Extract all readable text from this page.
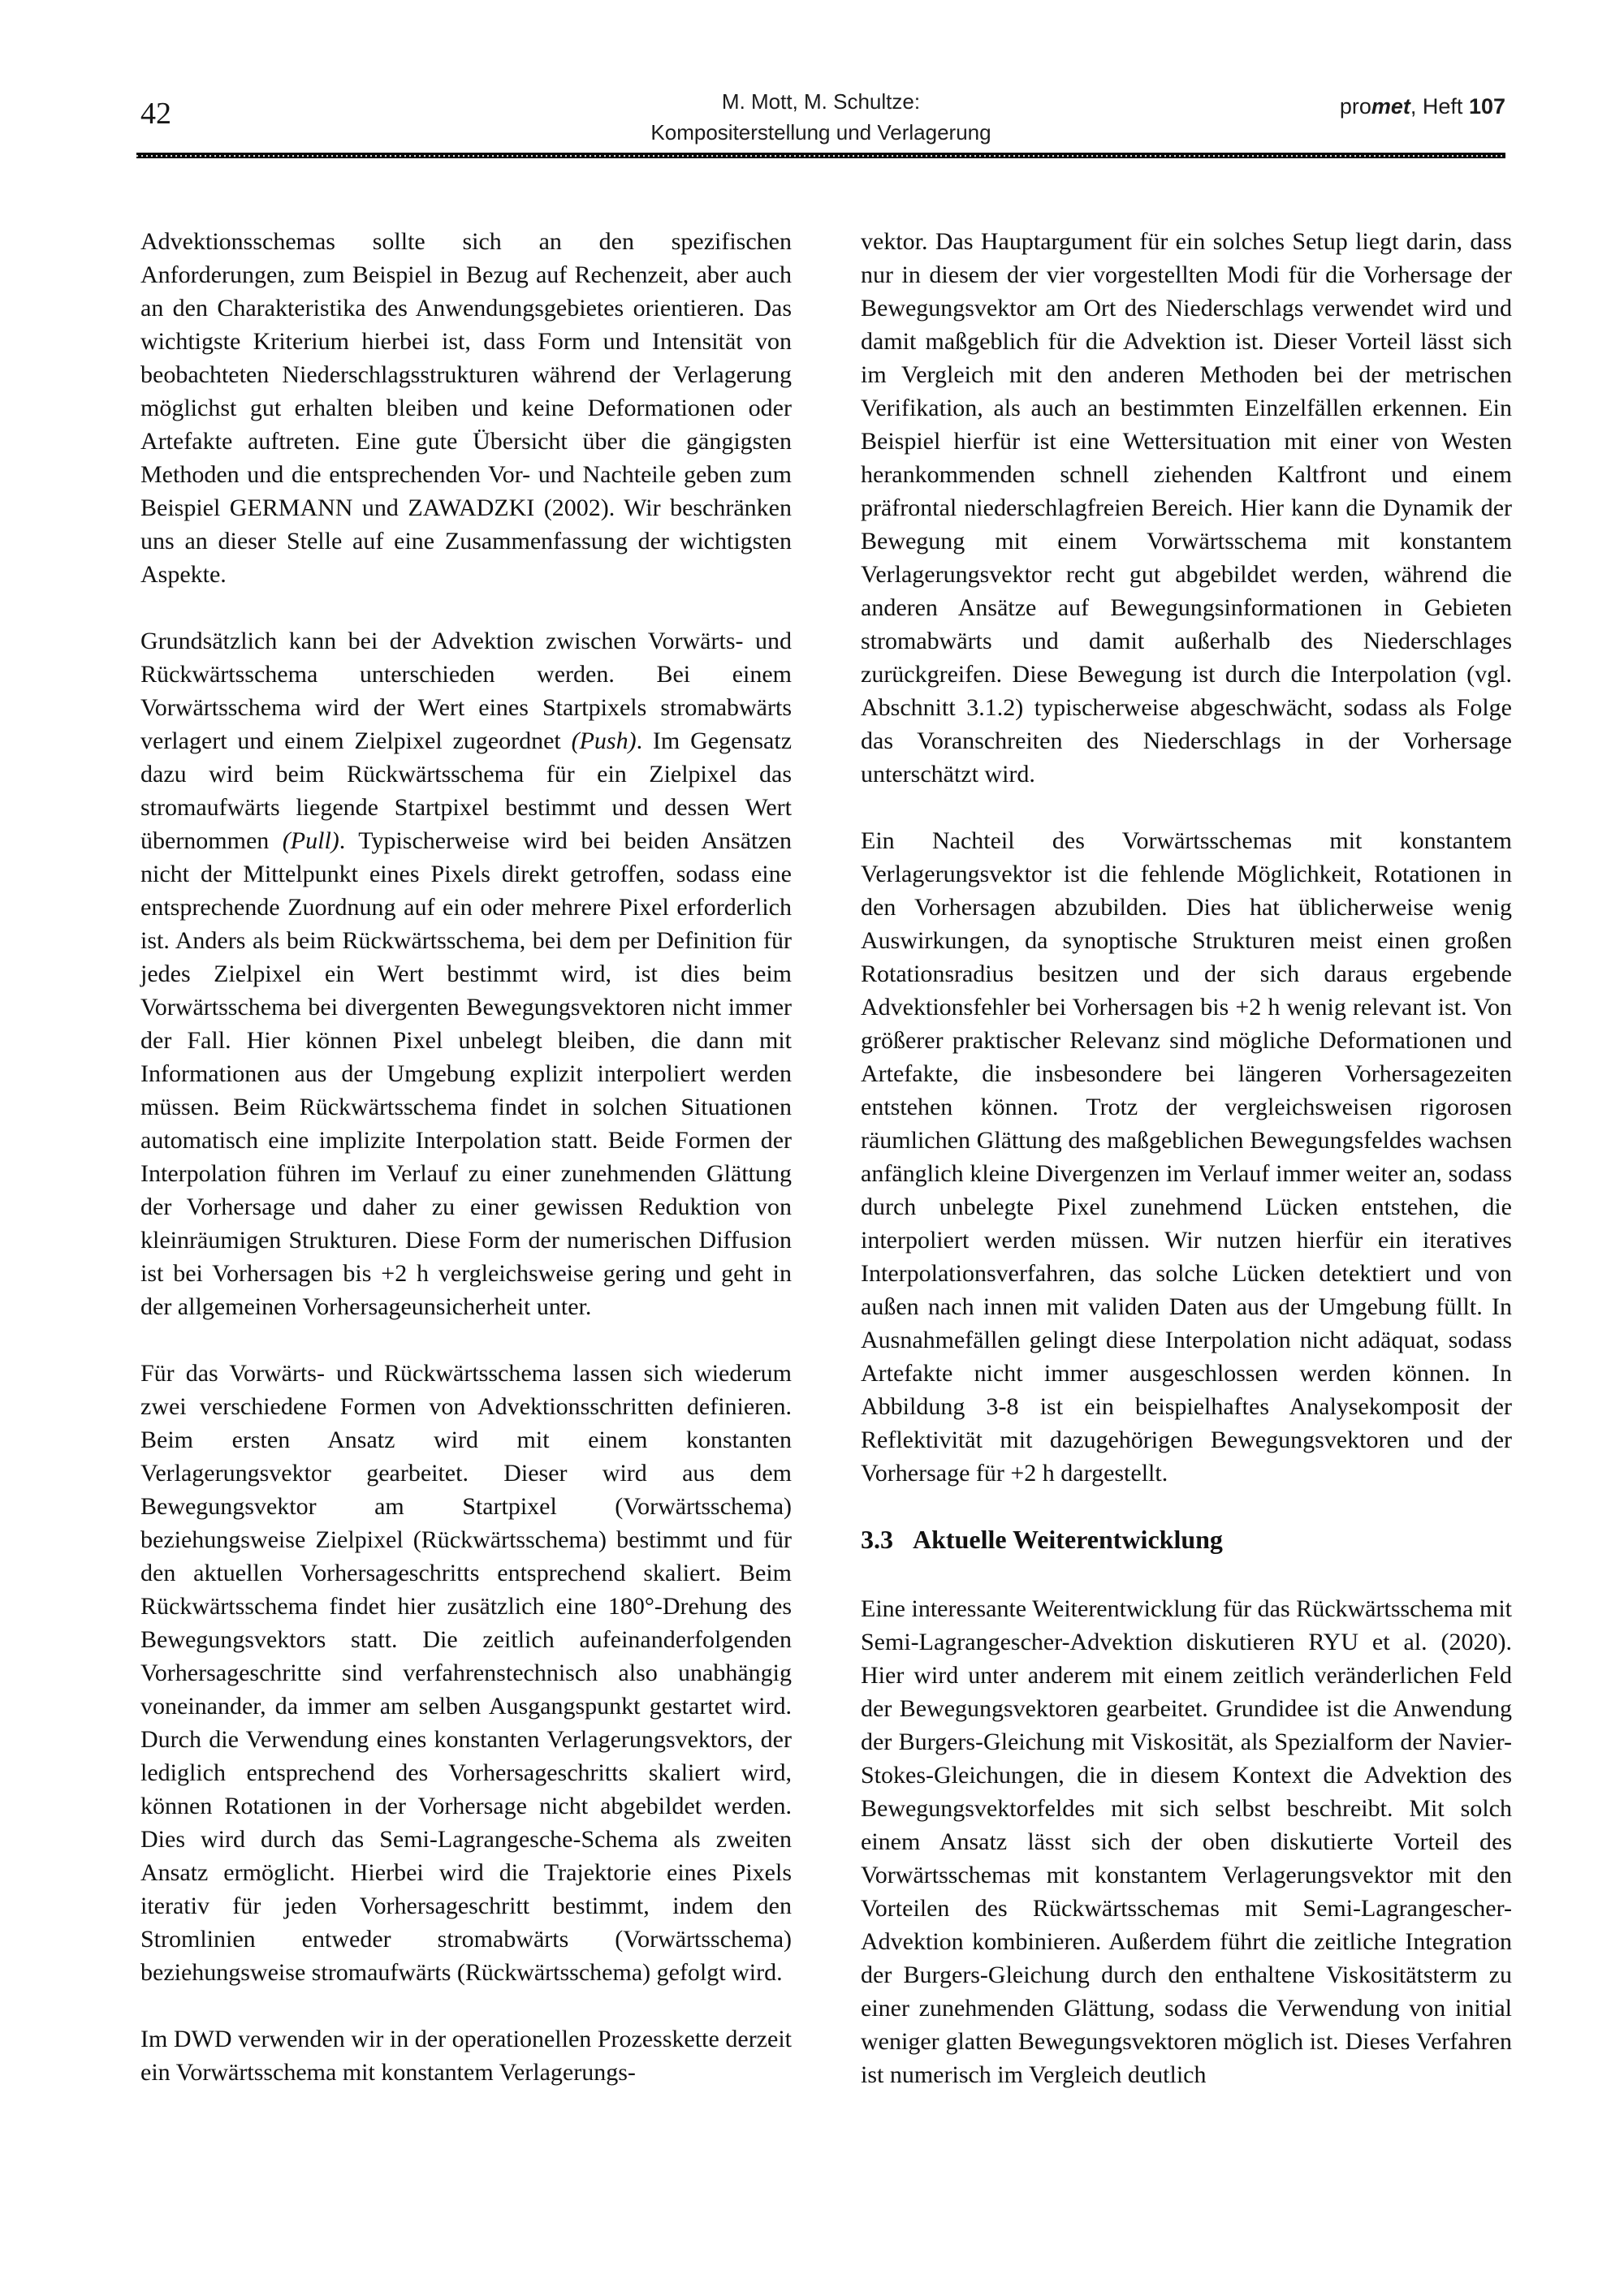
42	M. Mott, M. Schultze:
Kompositerstellung und Verlagerung
promet, Heft 107

Advektionsschemas sollte sich an den spezifischen Anforderungen, zum Beispiel in Bezug auf Rechenzeit, aber auch an den Charakteristika des Anwendungsgebietes orientieren. Das wichtigste Kriterium hierbei ist, dass Form und Intensität von beobachteten Niederschlagsstrukturen während der Verlagerung möglichst gut erhalten bleiben und keine Deformationen oder Artefakte auftreten. Eine gute Übersicht über die gängigsten Methoden und die entsprechenden Vor- und Nachteile geben zum Beispiel GERMANN und ZAWADZKI (2002). Wir beschränken uns an dieser Stelle auf eine Zusammenfassung der wichtigsten Aspekte.

Grundsätzlich kann bei der Advektion zwischen Vorwärts- und Rückwärtsschema unterschieden werden. Bei einem Vorwärtsschema wird der Wert eines Startpixels stromabwärts verlagert und einem Zielpixel zugeordnet (Push). Im Gegensatz dazu wird beim Rückwärtsschema für ein Zielpixel das stromaufwärts liegende Startpixel bestimmt und dessen Wert übernommen (Pull). Typischerweise wird bei beiden Ansätzen nicht der Mittelpunkt eines Pixels direkt getroffen, sodass eine entsprechende Zuordnung auf ein oder mehrere Pixel erforderlich ist. Anders als beim Rückwärtsschema, bei dem per Definition für jedes Zielpixel ein Wert bestimmt wird, ist dies beim Vorwärtsschema bei divergenten Bewegungsvektoren nicht immer der Fall. Hier können Pixel unbelegt bleiben, die dann mit Informationen aus der Umgebung explizit interpoliert werden müssen. Beim Rückwärtsschema findet in solchen Situationen automatisch eine implizite Interpolation statt. Beide Formen der Interpolation führen im Verlauf zu einer zunehmenden Glättung der Vorhersage und daher zu einer gewissen Reduktion von kleinräumigen Strukturen. Diese Form der numerischen Diffusion ist bei Vorhersagen bis +2 h vergleichsweise gering und geht in der allgemeinen Vorhersageunsicherheit unter.

Für das Vorwärts- und Rückwärtsschema lassen sich wiederum zwei verschiedene Formen von Advektionsschritten definieren. Beim ersten Ansatz wird mit einem konstanten Verlagerungsvektor gearbeitet. Dieser wird aus dem Bewegungsvektor am Startpixel (Vorwärtsschema) beziehungsweise Zielpixel (Rückwärtsschema) bestimmt und für den aktuellen Vorhersageschritts entsprechend skaliert. Beim Rückwärtsschema findet hier zusätzlich eine 180°-Drehung des Bewegungsvektors statt. Die zeitlich aufeinanderfolgenden Vorhersageschritte sind verfahrenstechnisch also unabhängig voneinander, da immer am selben Ausgangspunkt gestartet wird. Durch die Verwendung eines konstanten Verlagerungsvektors, der lediglich entsprechend des Vorhersageschritts skaliert wird, können Rotationen in der Vorhersage nicht abgebildet werden. Dies wird durch das Semi-Lagrangesche-Schema als zweiten Ansatz ermöglicht. Hierbei wird die Trajektorie eines Pixels iterativ für jeden Vorhersageschritt bestimmt, indem den Stromlinien entweder stromabwärts (Vorwärtsschema) beziehungsweise stromaufwärts (Rückwärtsschema) gefolgt wird.

Im DWD verwenden wir in der operationellen Prozesskette derzeit ein Vorwärtsschema mit konstantem Verlagerungs-

vektor. Das Hauptargument für ein solches Setup liegt darin, dass nur in diesem der vier vorgestellten Modi für die Vorhersage der Bewegungsvektor am Ort des Niederschlags verwendet wird und damit maßgeblich für die Advektion ist. Dieser Vorteil lässt sich im Vergleich mit den anderen Methoden bei der metrischen Verifikation, als auch an bestimmten Einzelfällen erkennen. Ein Beispiel hierfür ist eine Wettersituation mit einer von Westen herankommenden schnell ziehenden Kaltfront und einem präfrontal niederschlagfreien Bereich. Hier kann die Dynamik der Bewegung mit einem Vorwärtsschema mit konstantem Verlagerungsvektor recht gut abgebildet werden, während die anderen Ansätze auf Bewegungsinformationen in Gebieten stromabwärts und damit außerhalb des Niederschlages zurückgreifen. Diese Bewegung ist durch die Interpolation (vgl. Abschnitt 3.1.2) typischerweise abgeschwächt, sodass als Folge das Voranschreiten des Niederschlags in der Vorhersage unterschätzt wird.

Ein Nachteil des Vorwärtsschemas mit konstantem Verlagerungsvektor ist die fehlende Möglichkeit, Rotationen in den Vorhersagen abzubilden. Dies hat üblicherweise wenig Auswirkungen, da synoptische Strukturen meist einen großen Rotationsradius besitzen und der sich daraus ergebende Advektionsfehler bei Vorhersagen bis +2 h wenig relevant ist. Von größerer praktischer Relevanz sind mögliche Deformationen und Artefakte, die insbesondere bei längeren Vorhersagezeiten entstehen können. Trotz der vergleichsweisen rigorosen räumlichen Glättung des maßgeblichen Bewegungsfeldes wachsen anfänglich kleine Divergenzen im Verlauf immer weiter an, sodass durch unbelegte Pixel zunehmend Lücken entstehen, die interpoliert werden müssen. Wir nutzen hierfür ein iteratives Interpolationsverfahren, das solche Lücken detektiert und von außen nach innen mit validen Daten aus der Umgebung füllt. In Ausnahmefällen gelingt diese Interpolation nicht adäquat, sodass Artefakte nicht immer ausgeschlossen werden können. In Abbildung 3-8 ist ein beispielhaftes Analysekomposit der Reflektivität mit dazugehörigen Bewegungsvektoren und der Vorhersage für +2 h dargestellt.

3.3 Aktuelle Weiterentwicklung

Eine interessante Weiterentwicklung für das Rückwärtsschema mit Semi-Lagrangescher-Advektion diskutieren RYU et al. (2020). Hier wird unter anderem mit einem zeitlich veränderlichen Feld der Bewegungsvektoren gearbeitet. Grundidee ist die Anwendung der Burgers-Gleichung mit Viskosität, als Spezialform der Navier-Stokes-Gleichungen, die in diesem Kontext die Advektion des Bewegungsvektorfeldes mit sich selbst beschreibt. Mit solch einem Ansatz lässt sich der oben diskutierte Vorteil des Vorwärtsschemas mit konstantem Verlagerungsvektor mit den Vorteilen des Rückwärtsschemas mit Semi-Lagrangescher-Advektion kombinieren. Außerdem führt die zeitliche Integration der Burgers-Gleichung durch den enthaltene Viskositätsterm zu einer zunehmenden Glättung, sodass die Verwendung von initial weniger glatten Bewegungsvektoren möglich ist. Dieses Verfahren ist numerisch im Vergleich deutlich
